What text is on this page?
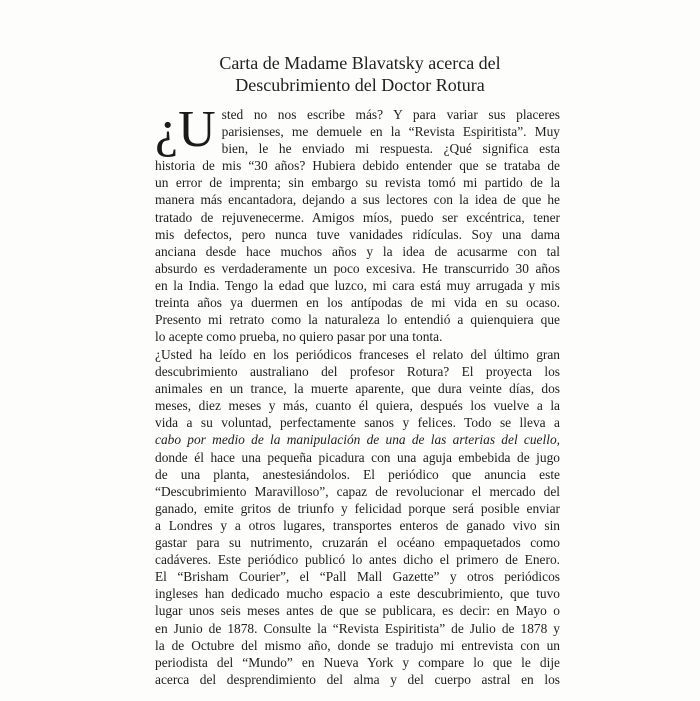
Carta de Madame Blavatsky acerca del
Descubrimiento del Doctor Rotura
¿U sted no nos escribe más? Y para variar sus placeres
parisienses, me demuele en la “Revista Espiritista”. Muy
bien, le he enviado mi respuesta. ¿Qué significa esta
historia de mis “30 años? Hubiera debido entender que se trataba de
un error de imprenta; sin embargo su revista tomó mi partido de la
manera más encantadora, dejando a sus lectores con la idea de que he
tratado de rejuvenecerme. Amigos míos, puedo ser excéntrica, tener
mis defectos, pero nunca tuve vanidades ridículas. Soy una dama
anciana desde hace muchos años y la idea de acusarme con tal
absurdo es verdaderamente un poco excesiva. He transcurrido 30 años
en la India. Tengo la edad que luzco, mi cara está muy arrugada y mis
treinta años ya duermen en los antípodas de mi vida en su ocaso.
Presento mi retrato como la naturaleza lo entendió a quienquiera que
lo acepte como prueba, no quiero pasar por una tonta.
¿Usted ha leído en los periódicos franceses el relato del último gran
descubrimiento australiano del profesor Rotura? El proyecta los
animales en un trance, la muerte aparente, que dura veinte días, dos
meses, diez meses y más, cuanto él quiera, después los vuelve a la
vida a su voluntad, perfectamente sanos y felices. Todo se lleva a
cabo por medio de la manipulación de una de las arterias del cuello,
donde él hace una pequeña picadura con una aguja embebida de jugo
de una planta, anestesiándolos. El periódico que anuncia este
“Descubrimiento Maravilloso”, capaz de revolucionar el mercado del
ganado, emite gritos de triunfo y felicidad porque será posible enviar
a Londres y a otros lugares, transportes enteros de ganado vivo sin
gastar para su nutrimento, cruzarán el océano empaquetados como
cadáveres. Este periódico publicó lo antes dicho el primero de Enero.
El “Brisham Courier”, el “Pall Mall Gazette” y otros periódicos
ingleses han dedicado mucho espacio a este descubrimiento, que tuvo
lugar unos seis meses antes de que se publicara, es decir: en Mayo o
en Junio de 1878. Consulte la “Revista Espiritista” de Julio de 1878 y
la de Octubre del mismo año, donde se tradujo mi entrevista con un
periodista del “Mundo” en Nueva York y compare lo que le dije
acerca del desprendimiento del alma y del cuerpo astral en los
